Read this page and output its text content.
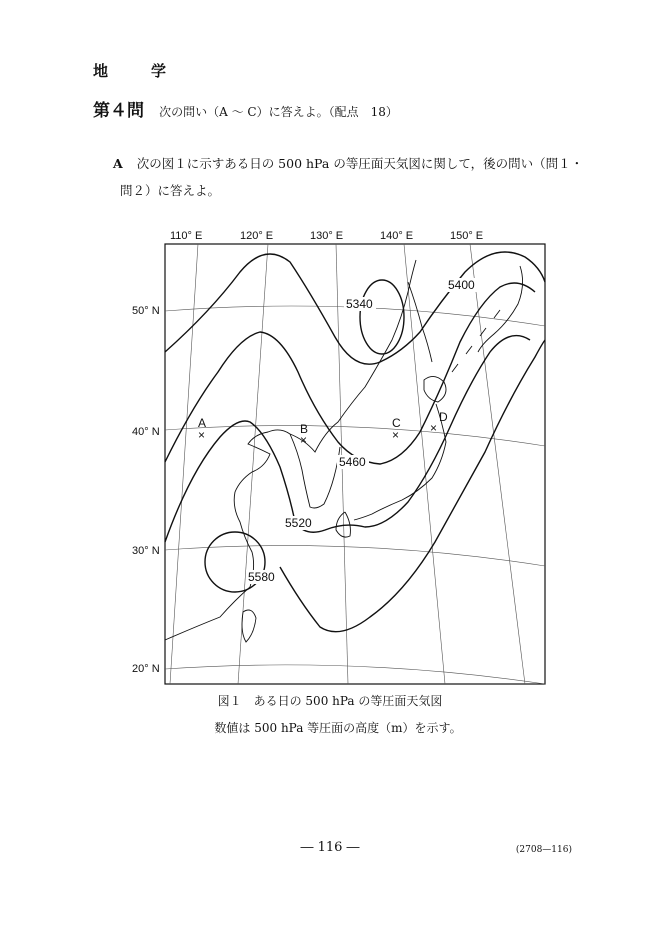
地　学
第４問 次の問い（A ～ C）に答えよ。（配点　18）
A 次の図１に示すある日の 500 hPa の等圧面天気図に関して，後の問い（問１・
問２）に答えよ。
110° E	120° E	130° E	140° E	150° E
50° N
40° N
30° N
20° N
5340
5400
5460
5520
5580
A
×	B
×
C
×
D
×
図１　ある日の 500 hPa の等圧面天気図
数値は 500 hPa 等圧面の高度（m）を示す。
― 116 ―	(2708—116)
